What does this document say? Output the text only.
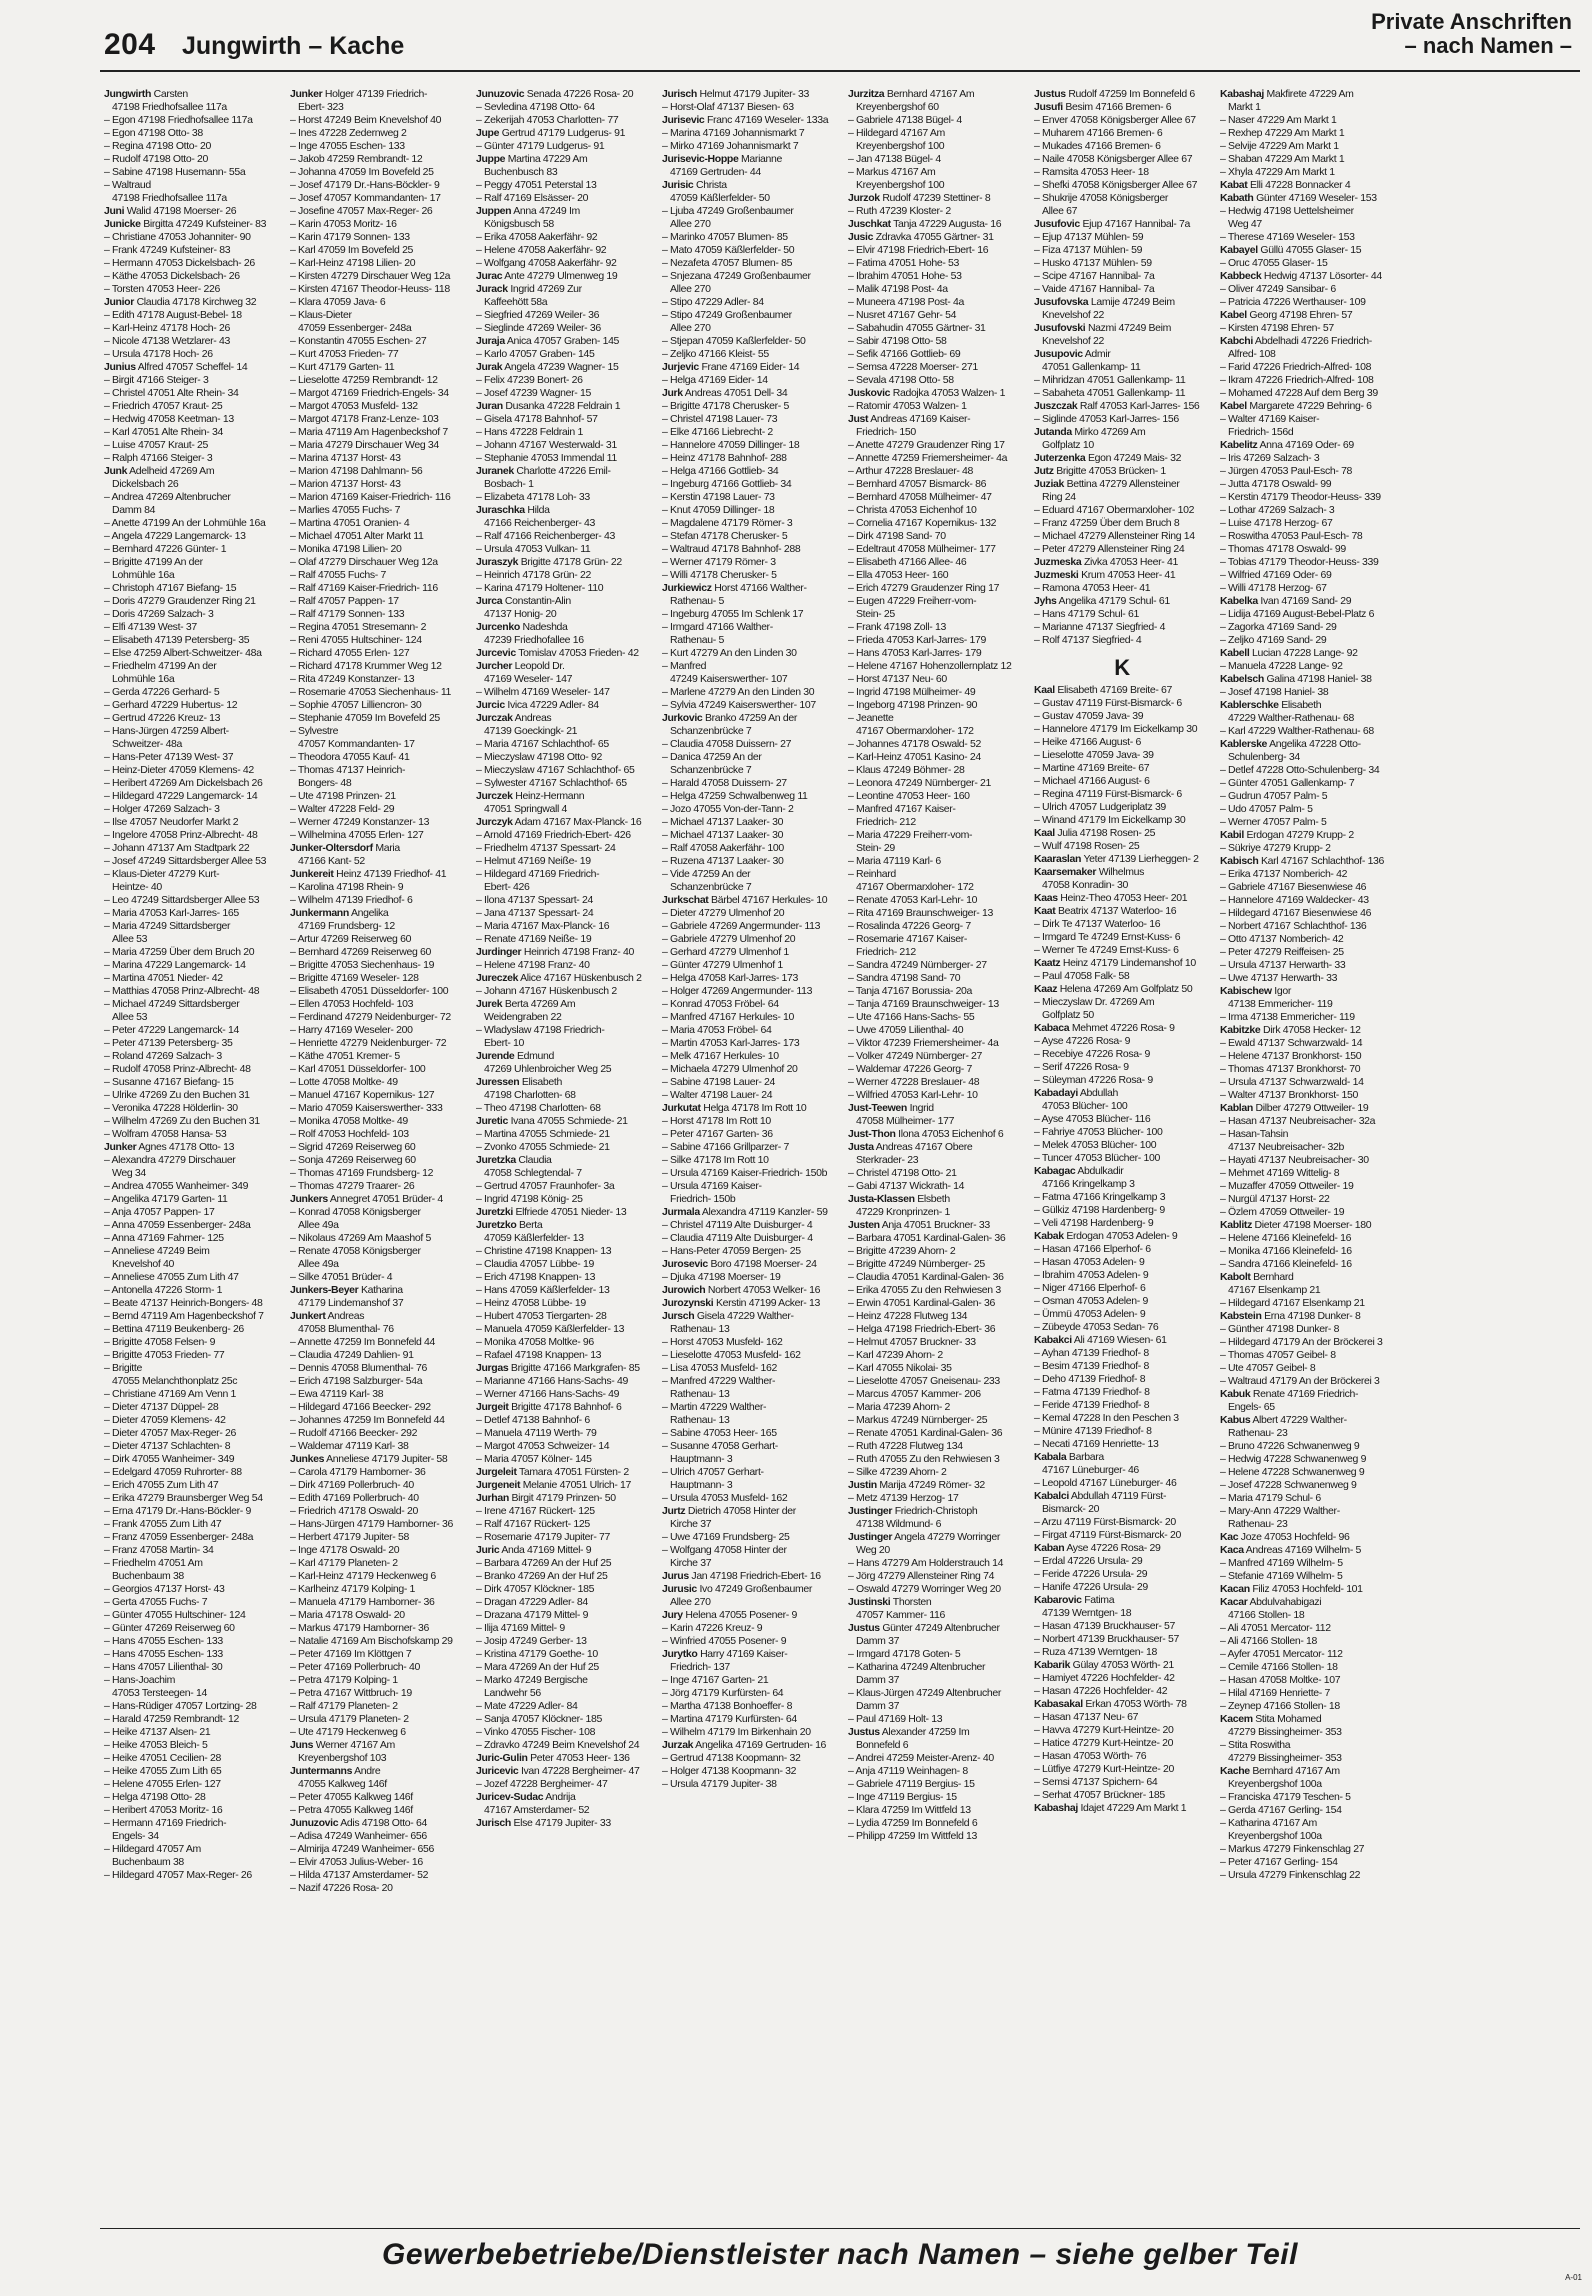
204 Jungwirth – Kache
Private Anschriften
– nach Namen –
Jungwirth Carsten
47198 Friedhofsallee 117a
– Egon 47198 Friedhofsallee 117a
– Egon 47198 Otto- 38
– Regina 47198 Otto- 20
– Rudolf 47198 Otto- 20
– Sabine 47198 Husemann- 55a
– Waltraud
47198 Friedhofsallee 117a
Juni Walid 47198 Moerser- 26
Junicke Birgitta 47249 Kufsteiner- 83
– Christiane 47053 Johanniter- 90
– Frank 47249 Kufsteiner- 83
– Hermann 47053 Dickelsbach- 26
– Käthe 47053 Dickelsbach- 26
– Torsten 47053 Heer- 226
Junior Claudia 47178 Kirchweg 32
– Edith 47178 August-Bebel- 18
– Karl-Heinz 47178 Hoch- 26
– Nicole 47138 Wetzlarer- 43
– Ursula 47178 Hoch- 26
Junius Alfred 47057 Scheffel- 14
– Birgit 47166 Steiger- 3
– Christel 47051 Alte Rhein- 34
– Friedrich 47057 Kraut- 25
– Hedwig 47058 Keetman- 13
– Karl 47051 Alte Rhein- 34
– Luise 47057 Kraut- 25
– Ralph 47166 Steiger- 3
Junk Adelheid 47269 Am
Dickelsbach 26
– Andrea 47269 Altenbrucher
Damm 84
– Anette 47199 An der Lohmühle 16a
– Angela 47229 Langemarck- 13
– Bernhard 47226 Günter- 1
– Brigitte 47199 An der
Lohmühle 16a
– Christoph 47167 Biefang- 15
– Doris 47279 Graudenzer Ring 21
– Doris 47269 Salzach- 3
– Elfi 47139 West- 37
– Elisabeth 47139 Petersberg- 35
– Else 47259 Albert-Schweitzer- 48a
– Friedhelm 47199 An der
Lohmühle 16a
– Gerda 47226 Gerhard- 5
– Gerhard 47229 Hubertus- 12
– Gertrud 47226 Kreuz- 13
– Hans-Jürgen 47259 Albert-
Schweitzer- 48a
– Hans-Peter 47139 West- 37
– Heinz-Dieter 47059 Klemens- 42
– Heribert 47269 Am Dickelsbach 26
– Hildegard 47229 Langemarck- 14
– Holger 47269 Salzach- 3
– Ilse 47057 Neudorfer Markt 2
– Ingelore 47058 Prinz-Albrecht- 48
– Johann 47137 Am Stadtpark 22
– Josef 47249 Sittardsberger Allee 53
– Klaus-Dieter 47279 Kurt-
Heintze- 40
– Leo 47249 Sittardsberger Allee 53
– Maria 47053 Karl-Jarres- 165
– Maria 47249 Sittardsberger
Allee 53
– Maria 47259 Über dem Bruch 20
– Marina 47229 Langemarck- 14
– Martina 47051 Nieder- 42
– Matthias 47058 Prinz-Albrecht- 48
– Michael 47249 Sittardsberger
Allee 53
– Peter 47229 Langemarck- 14
– Peter 47139 Petersberg- 35
– Roland 47269 Salzach- 3
– Rudolf 47058 Prinz-Albrecht- 48
– Susanne 47167 Biefang- 15
– Ulrike 47269 Zu den Buchen 31
– Veronika 47228 Hölderlin- 30
– Wilhelm 47269 Zu den Buchen 31
– Wolfram 47058 Hansa- 53
Junker Agnes 47178 Otto- 13
– Alexandra 47279 Dirschauer
Weg 34
– Andrea 47055 Wanheimer- 349
– Angelika 47179 Garten- 11
– Anja 47057 Pappen- 17
– Anna 47059 Essenberger- 248a
– Anna 47169 Fahrner- 125
– Anneliese 47249 Beim
Knevelshof 40
– Anneliese 47055 Zum Lith 47
– Antonella 47226 Storm- 1
– Beate 47137 Heinrich-Bongers- 48
– Bernd 47119 Am Hagenbeckshof 7
– Bettina 47119 Beukenberg- 26
– Brigitte 47058 Felsen- 9
– Brigitte 47053 Frieden- 77
– Brigitte
47055 Melanchthonplatz 25c
– Christiane 47169 Am Venn 1
– Dieter 47137 Düppel- 28
– Dieter 47059 Klemens- 42
– Dieter 47057 Max-Reger- 26
– Dieter 47137 Schlachten- 8
– Dirk 47055 Wanheimer- 349
– Edelgard 47059 Ruhrorter- 88
– Erich 47055 Zum Lith 47
– Erika 47279 Braunsberger Weg 54
– Erna 47179 Dr.-Hans-Böckler- 9
– Frank 47055 Zum Lith 47
– Franz 47059 Essenberger- 248a
– Franz 47058 Martin- 34
– Friedhelm 47051 Am
Buchenbaum 38
– Georgios 47137 Horst- 43
– Gerta 47055 Fuchs- 7
– Günter 47055 Hultschiner- 124
– Günter 47269 Reiserweg 60
– Hans 47055 Eschen- 133
– Hans 47055 Eschen- 133
– Hans 47057 Lilienthal- 30
– Hans-Joachim
47053 Tersteegen- 14
– Hans-Rüdiger 47057 Lortzing- 28
– Harald 47259 Rembrandt- 12
– Heike 47137 Alsen- 21
– Heike 47053 Bleich- 5
– Heike 47051 Cecilien- 28
– Heike 47055 Zum Lith 65
– Helene 47055 Erlen- 127
– Helga 47198 Otto- 28
– Heribert 47053 Moritz- 16
– Hermann 47169 Friedrich-
Engels- 34
– Hildegard 47057 Am
Buchenbaum 38
– Hildegard 47057 Max-Reger- 26
Junker Holger 47139 Friedrich-
Ebert- 323
– Horst 47249 Beim Knevelshof 40
– Ines 47228 Zedernweg 2
– Inge 47055 Eschen- 133
– Jakob 47259 Rembrandt- 12
– Johanna 47059 Im Bovefeld 25
– Josef 47179 Dr.-Hans-Böckler- 9
– Josef 47057 Kommandanten- 17
– Josefine 47057 Max-Reger- 26
– Karin 47053 Moritz- 16
– Karin 47179 Sonnen- 133
– Karl 47059 Im Bovefeld 25
– Karl-Heinz 47198 Lilien- 20
– Kirsten 47279 Dirschauer Weg 12a
– Kirsten 47167 Theodor-Heuss- 118
– Klara 47059 Java- 6
– Klaus-Dieter
47059 Essenberger- 248a
– Konstantin 47055 Eschen- 27
– Kurt 47053 Frieden- 77
– Kurt 47179 Garten- 11
– Lieselotte 47259 Rembrandt- 12
– Margot 47169 Friedrich-Engels- 34
– Margot 47053 Musfeld- 132
– Margot 47178 Franz-Lenze- 103
– Maria 47119 Am Hagenbeckshof 7
– Maria 47279 Dirschauer Weg 34
– Marina 47137 Horst- 43
– Marion 47198 Dahlmann- 56
– Marion 47137 Horst- 43
– Marion 47169 Kaiser-Friedrich- 116
– Marlies 47055 Fuchs- 7
– Martina 47051 Oranien- 4
– Michael 47051 Alter Markt 11
– Monika 47198 Lilien- 20
– Olaf 47279 Dirschauer Weg 12a
– Ralf 47055 Fuchs- 7
– Ralf 47169 Kaiser-Friedrich- 116
– Ralf 47057 Pappen- 17
– Ralf 47179 Sonnen- 133
– Regina 47051 Stresemann- 2
– Reni 47055 Hultschiner- 124
– Richard 47055 Erlen- 127
– Richard 47178 Krummer Weg 12
– Rita 47249 Konstanzer- 13
– Rosemarie 47053 Siechenhaus- 11
– Sophie 47057 Lilliencron- 30
– Stephanie 47059 Im Bovefeld 25
– Sylvestre
47057 Kommandanten- 17
– Theodora 47055 Kauf- 41
– Thomas 47137 Heinrich-
Bongers- 48
– Ute 47198 Prinzen- 21
– Walter 47228 Feld- 29
– Werner 47249 Konstanzer- 13
– Wilhelmina 47055 Erlen- 127
Junker-Oltersdorf Maria
47166 Kant- 52
Junkereit Heinz 47139 Friedhof- 41
– Karolina 47198 Rhein- 9
– Wilhelm 47139 Friedhof- 6
Junkermann Angelika
47169 Frundsberg- 12
– Artur 47269 Reiserweg 60
– Bernhard 47269 Reiserweg 60
– Brigitte 47053 Siechenhaus- 19
– Brigitte 47169 Weseler- 128
– Elisabeth 47051 Düsseldorfer- 100
– Ellen 47053 Hochfeld- 103
– Ferdinand 47279 Neidenburger- 72
– Harry 47169 Weseler- 200
– Henriette 47279 Neidenburger- 72
– Käthe 47051 Kremer- 5
– Karl 47051 Düsseldorfer- 100
– Lotte 47058 Moltke- 49
– Manuel 47167 Kopernikus- 127
– Mario 47059 Kaiserswerther- 333
– Monika 47058 Moltke- 49
– Rolf 47053 Hochfeld- 103
– Sigrid 47269 Reiserweg 60
– Sonja 47269 Reiserweg 60
– Thomas 47169 Frundsberg- 12
– Thomas 47279 Traarer- 26
Junkers Annegret 47051 Brüder- 4
– Konrad 47058 Königsberger
Allee 49a
– Nikolaus 47269 Am Maashof 5
– Renate 47058 Königsberger
Allee 49a
– Silke 47051 Brüder- 4
Junkers-Beyer Katharina
47179 Lindemanshof 37
Junkert Andreas
47058 Blumenthal- 76
– Annette 47259 Im Bonnefeld 44
– Claudia 47249 Dahlien- 91
– Dennis 47058 Blumenthal- 76
– Erich 47198 Salzburger- 54a
– Ewa 47119 Karl- 38
– Hildegard 47166 Beecker- 292
– Johannes 47259 Im Bonnefeld 44
– Rudolf 47166 Beecker- 292
– Waldemar 47119 Karl- 38
Junkes Anneliese 47179 Jupiter- 58
– Carola 47179 Hamborner- 36
– Dirk 47169 Pollerbruch- 40
– Edith 47169 Pollerbruch- 40
– Friedrich 47178 Oswald- 20
– Hans-Jürgen 47179 Hamborner- 36
– Herbert 47179 Jupiter- 58
– Inge 47178 Oswald- 20
– Karl 47179 Planeten- 2
– Karl-Heinz 47179 Heckenweg 6
– Karlheinz 47179 Kolping- 1
– Manuela 47179 Hamborner- 36
– Maria 47178 Oswald- 20
– Markus 47179 Hamborner- 36
– Natalie 47169 Am Bischofskamp 29
– Peter 47169 Im Klöttgen 7
– Peter 47169 Pollerbruch- 40
– Petra 47179 Kolping- 1
– Petra 47167 Wittbruch- 19
– Ralf 47179 Planeten- 2
– Ursula 47179 Planeten- 2
– Ute 47179 Heckenweg 6
Juns Werner 47167 Am
Kreyenbergshof 103
Juntermanns Andre
47055 Kalkweg 146f
– Peter 47055 Kalkweg 146f
– Petra 47055 Kalkweg 146f
Junuzovic Adis 47198 Otto- 64
– Adisa 47249 Wanheimer- 656
– Almirija 47249 Wanheimer- 656
– Elvir 47053 Julius-Weber- 16
– Hilda 47137 Amsterdamer- 52
– Nazif 47226 Rosa- 20
Junuzovic Senada 47226 Rosa- 20
– Sevledina 47198 Otto- 64
– Zekerijah 47053 Charlotten- 77
Jupe Gertrud 47179 Ludgerus- 91
– Günter 47179 Ludgerus- 91
Juppe Martina 47229 Am
Buchenbusch 83
– Peggy 47051 Peterstal 13
– Ralf 47169 Elsässer- 20
Juppen Anna 47249 Im
Königsbusch 58
– Erika 47058 Aakerfähr- 92
– Helene 47058 Aakerfähr- 92
– Wolfgang 47058 Aakerfähr- 92
Jurac Ante 47279 Ulmenweg 19
Jurack Ingrid 47269 Zur
Kaffeehött 58a
– Siegfried 47269 Weiler- 36
– Sieglinde 47269 Weiler- 36
Juraja Anica 47057 Graben- 145
– Karlo 47057 Graben- 145
Jurak Angela 47239 Wagner- 15
– Felix 47239 Bonert- 26
– Josef 47239 Wagner- 15
Juran Dusanka 47228 Feldrain 1
– Gisela 47178 Bahnhof- 57
– Hans 47228 Feldrain 1
– Johann 47167 Westerwald- 31
– Stephanie 47053 Immendal 11
Juranek Charlotte 47226 Emil-
Bosbach- 1
– Elizabeta 47178 Loh- 33
Juraschka Hilda
47166 Reichenberger- 43
– Ralf 47166 Reichenberger- 43
– Ursula 47053 Vulkan- 11
Juraszyk Brigitte 47178 Grün- 22
– Heinrich 47178 Grün- 22
– Karina 47179 Holtener- 110
Jurca Constantin-Alin
47137 Honig- 20
Jurcenko Nadeshda
47239 Friedhofallee 16
Jurcevic Tomislav 47053 Frieden- 42
Jurcher Leopold Dr.
47169 Weseler- 147
– Wilhelm 47169 Weseler- 147
Jurcic Ivica 47229 Adler- 84
Jurczak Andreas
47139 Goeckingk- 21
– Maria 47167 Schlachthof- 65
– Mieczyslaw 47198 Otto- 92
– Mieczyslaw 47167 Schlachthof- 65
– Sylwester 47167 Schlachthof- 65
Jurczek Heinz-Hermann
47051 Springwall 4
Jurczyk Adam 47167 Max-Planck- 16
– Arnold 47169 Friedrich-Ebert- 426
– Friedhelm 47137 Spessart- 24
– Helmut 47169 Neiße- 19
– Hildegard 47169 Friedrich-
Ebert- 426
– Ilona 47137 Spessart- 24
– Jana 47137 Spessart- 24
– Maria 47167 Max-Planck- 16
– Renate 47169 Neiße- 19
Jurdinger Heinrich 47198 Franz- 40
– Helene 47198 Franz- 40
Jureczek Alice 47167 Hüskenbusch 2
– Johann 47167 Hüskenbusch 2
Jurek Berta 47269 Am
Weidengraben 22
– Wladyslaw 47198 Friedrich-
Ebert- 10
Jurende Edmund
47269 Uhlenbroicher Weg 25
Juressen Elisabeth
47198 Charlotten- 68
– Theo 47198 Charlotten- 68
Juretic Ivana 47055 Schmiede- 21
– Martina 47055 Schmiede- 21
– Zvonko 47055 Schmiede- 21
Juretzka Claudia
47058 Schlegtendal- 7
– Gertrud 47057 Fraunhofer- 3a
– Ingrid 47198 König- 25
Juretzki Elfriede 47051 Nieder- 13
Juretzko Berta
47059 Käßlerfelder- 13
– Christine 47198 Knappen- 13
– Claudia 47057 Lübbe- 19
– Erich 47198 Knappen- 13
– Hans 47059 Käßlerfelder- 13
– Heinz 47058 Lübbe- 19
– Hubert 47053 Tiergarten- 28
– Manuela 47059 Käßlerfelder- 13
– Monika 47058 Moltke- 96
– Rafael 47198 Knappen- 13
Jurgas Brigitte 47166 Markgrafen- 85
– Marianne 47166 Hans-Sachs- 49
– Werner 47166 Hans-Sachs- 49
Jurgeit Brigitte 47178 Bahnhof- 6
– Detlef 47138 Bahnhof- 6
– Manuela 47119 Werth- 79
– Margot 47053 Schweizer- 14
– Maria 47057 Kölner- 145
Jurgeleit Tamara 47051 Fürsten- 2
Jurgeneit Melanie 47051 Ulrich- 17
Jurhan Birgit 47179 Prinzen- 50
– Irene 47167 Rückert- 125
– Ralf 47167 Rückert- 125
– Rosemarie 47179 Jupiter- 77
Juric Anda 47169 Mittel- 9
– Barbara 47269 An der Huf 25
– Branko 47269 An der Huf 25
– Dirk 47057 Klöckner- 185
– Dragan 47229 Adler- 84
– Drazana 47179 Mittel- 9
– Ilija 47169 Mittel- 9
– Josip 47249 Gerber- 13
– Kristina 47179 Goethe- 10
– Mara 47269 An der Huf 25
– Marko 47249 Bergische
Landwehr 56
– Mate 47229 Adler- 84
– Sanja 47057 Klöckner- 185
– Vinko 47055 Fischer- 108
– Zdravko 47249 Beim Knevelshof 24
Juric-Gulin Peter 47053 Heer- 136
Juricevic Ivan 47228 Bergheimer- 47
– Jozef 47228 Bergheimer- 47
Juricev-Sudac Andrija
47167 Amsterdamer- 52
Jurisch Else 47179 Jupiter- 33
Jurisch Helmut 47179 Jupiter- 33
– Horst-Olaf 47137 Biesen- 63
Jurisevic Franc 47169 Weseler- 133a
– Marina 47169 Johannismarkt 7
– Mirko 47169 Johannismarkt 7
Jurisevic-Hoppe Marianne
47169 Gertruden- 44
Jurisic Christa
47059 Käßlerfelder- 50
– Ljuba 47249 Großenbaumer
Allee 270
– Marinko 47057 Blumen- 85
– Mato 47059 Käßlerfelder- 50
– Nezafeta 47057 Blumen- 85
– Snjezana 47249 Großenbaumer
Allee 270
– Stipo 47229 Adler- 84
– Stipo 47249 Großenbaumer
Allee 270
– Stjepan 47059 Kaßlerfelder- 50
– Zeljko 47166 Kleist- 55
Jurjevic Frane 47169 Eider- 14
– Helga 47169 Eider- 14
Jurk Andreas 47051 Dell- 34
– Brigitte 47178 Cherusker- 5
– Christel 47198 Lauer- 73
– Elke 47166 Liebrecht- 2
– Hannelore 47059 Dillinger- 18
– Heinz 47178 Bahnhof- 288
– Helga 47166 Gottlieb- 34
– Ingeburg 47166 Gottlieb- 34
– Kerstin 47198 Lauer- 73
– Knut 47059 Dillinger- 18
– Magdalene 47179 Römer- 3
– Stefan 47178 Cherusker- 5
– Waltraud 47178 Bahnhof- 288
– Werner 47179 Römer- 3
– Willi 47178 Cherusker- 5
Jurkiewicz Horst 47166 Walther-
Rathenau- 5
– Ingeburg 47055 Im Schlenk 17
– Irmgard 47166 Walther-
Rathenau- 5
– Kurt 47279 An den Linden 30
– Manfred
47249 Kaiserswerther- 107
– Marlene 47279 An den Linden 30
– Sylvia 47249 Kaiserswerther- 107
Jurkovic Branko 47259 An der
Schanzenbrücke 7
– Claudia 47058 Duissern- 27
– Danica 47259 An der
Schanzenbrücke 7
– Harald 47058 Duissern- 27
– Helga 47259 Schwalbenweg 11
– Jozo 47055 Von-der-Tann- 2
– Michael 47137 Laaker- 30
– Michael 47137 Laaker- 30
– Ralf 47058 Aakerfähr- 100
– Ruzena 47137 Laaker- 30
– Vide 47259 An der
Schanzenbrücke 7
Jurkschat Bärbel 47167 Herkules- 10
– Dieter 47279 Ulmenhof 20
– Gabriele 47269 Angermunder- 113
– Gabriele 47279 Ulmenhof 20
– Gerhard 47279 Ulmenhof 1
– Günter 47279 Ulmenhof 1
– Helga 47058 Karl-Jarres- 173
– Holger 47269 Angermunder- 113
– Konrad 47053 Fröbel- 64
– Manfred 47167 Herkules- 10
– Maria 47053 Fröbel- 64
– Martin 47053 Karl-Jarres- 173
– Melk 47167 Herkules- 10
– Michaela 47279 Ulmenhof 20
– Sabine 47198 Lauer- 24
– Walter 47198 Lauer- 24
Jurkutat Helga 47178 Im Rott 10
– Horst 47178 Im Rott 10
– Peter 47167 Garten- 36
– Sabine 47166 Grillparzer- 7
– Silke 47178 Im Rott 10
– Ursula 47169 Kaiser-Friedrich- 150b
– Ursula 47169 Kaiser-
Friedrich- 150b
Jurmala Alexandra 47119 Kanzler- 59
– Christel 47119 Alte Duisburger- 4
– Claudia 47119 Alte Duisburger- 4
– Hans-Peter 47059 Bergen- 25
Jurosevic Boro 47198 Moerser- 24
– Djuka 47198 Moerser- 19
Jurowich Norbert 47053 Welker- 16
Jurozynski Kerstin 47199 Acker- 13
Jursch Gisela 47229 Walther-
Rathenau- 13
– Horst 47053 Musfeld- 162
– Lieselotte 47053 Musfeld- 162
– Lisa 47053 Musfeld- 162
– Manfred 47229 Walther-
Rathenau- 13
– Martin 47229 Walther-
Rathenau- 13
– Sabine 47053 Heer- 165
– Susanne 47058 Gerhart-
Hauptmann- 3
– Ulrich 47057 Gerhart-
Hauptmann- 3
– Ursula 47053 Musfeld- 162
Jurtz Dietrich 47058 Hinter der
Kirche 37
– Uwe 47169 Frundsberg- 25
– Wolfgang 47058 Hinter der
Kirche 37
Jurus Jan 47198 Friedrich-Ebert- 16
Jurusic Ivo 47249 Großenbaumer
Allee 270
Jury Helena 47055 Posener- 9
– Karin 47226 Kreuz- 9
– Winfried 47055 Posener- 9
Jurytko Harry 47169 Kaiser-
Friedrich- 137
– Inge 47167 Garten- 21
– Jörg 47179 Kurfürsten- 64
– Martha 47138 Bonhoeffer- 8
– Martina 47179 Kurfürsten- 64
– Wilhelm 47179 Im Birkenhain 20
Jurzak Angelika 47169 Gertruden- 16
– Gertrud 47138 Koopmann- 32
– Holger 47138 Koopmann- 32
– Ursula 47179 Jupiter- 38
Jurzitza Bernhard 47167 Am
Kreyenbergshof 60
– Gabriele 47138 Bügel- 4
– Hildegard 47167 Am
Kreyenbergshof 100
– Jan 47138 Bügel- 4
– Markus 47167 Am
Kreyenbergshof 100
Jurzok Rudolf 47239 Stettiner- 8
– Ruth 47239 Kloster- 2
Juschkat Tanja 47229 Augusta- 16
Jusic Zdravka 47055 Gärtner- 31
– Elvir 47198 Friedrich-Ebert- 16
– Fatima 47051 Hohe- 53
– Ibrahim 47051 Hohe- 53
– Malik 47198 Post- 4a
– Muneera 47198 Post- 4a
– Nusret 47167 Gehr- 54
– Sabahudin 47055 Gärtner- 31
– Sabir 47198 Otto- 58
– Sefik 47166 Gottlieb- 69
– Semsa 47228 Moerser- 271
– Sevala 47198 Otto- 58
Juskovic Radojka 47053 Walzen- 1
– Ratomir 47053 Walzen- 1
Just Andreas 47169 Kaiser-
Friedrich- 150
– Anette 47279 Graudenzer Ring 17
– Annette 47259 Friemersheimer- 4a
– Arthur 47228 Breslauer- 48
– Bernhard 47057 Bismarck- 86
– Bernhard 47058 Mülheimer- 47
– Christa 47053 Eichenhof 10
– Cornelia 47167 Kopernikus- 132
– Dirk 47198 Sand- 70
– Edeltraut 47058 Mülheimer- 177
– Elisabeth 47166 Allee- 46
– Ella 47053 Heer- 160
– Erich 47279 Graudenzer Ring 17
– Eugen 47229 Freiherr-vom-
Stein- 25
– Frank 47198 Zoll- 13
– Frieda 47053 Karl-Jarres- 179
– Hans 47053 Karl-Jarres- 179
– Helene 47167 Hohenzollernplatz 12
– Horst 47137 Neu- 60
– Ingrid 47198 Mülheimer- 49
– Ingeborg 47198 Prinzen- 90
– Jeanette
47167 Obermarxloher- 172
– Johannes 47178 Oswald- 52
– Karl-Heinz 47051 Kasino- 24
– Klaus 47249 Böhmer- 28
– Leonora 47249 Nürnberger- 21
– Leontine 47053 Heer- 160
– Manfred 47167 Kaiser-
Friedrich- 212
– Maria 47229 Freiherr-vom-
Stein- 29
– Maria 47119 Karl- 6
– Reinhard
47167 Obermarxloher- 172
– Renate 47053 Karl-Lehr- 10
– Rita 47169 Braunschweiger- 13
– Rosalinda 47226 Georg- 7
– Rosemarie 47167 Kaiser-
Friedrich- 212
– Sandra 47249 Nürnberger- 27
– Sandra 47198 Sand- 70
– Tanja 47167 Borussia- 20a
– Tanja 47169 Braunschweiger- 13
– Ute 47166 Hans-Sachs- 55
– Uwe 47059 Lilienthal- 40
– Viktor 47239 Friemersheimer- 4a
– Volker 47249 Nürnberger- 27
– Waldemar 47226 Georg- 7
– Werner 47228 Breslauer- 48
– Wilfried 47053 Karl-Lehr- 10
Just-Teewen Ingrid
47058 Mülheimer- 177
Just-Thon Ilona 47053 Eichenhof 6
Justa Andreas 47167 Obere
Sterkrader- 23
– Christel 47198 Otto- 21
– Gabi 47137 Wickrath- 14
Justa-Klassen Elsbeth
47229 Kronprinzen- 1
Justen Anja 47051 Bruckner- 33
– Barbara 47051 Kardinal-Galen- 36
– Brigitte 47239 Ahorn- 2
– Brigitte 47249 Nürnberger- 25
– Claudia 47051 Kardinal-Galen- 36
– Erika 47055 Zu den Rehwiesen 3
– Erwin 47051 Kardinal-Galen- 36
– Heinz 47228 Flutweg 134
– Helga 47198 Friedrich-Ebert- 36
– Helmut 47057 Bruckner- 33
– Karl 47239 Ahorn- 2
– Karl 47055 Nikolai- 35
– Lieselotte 47057 Gneisenau- 233
– Marcus 47057 Kammer- 206
– Maria 47239 Ahorn- 2
– Markus 47249 Nürnberger- 25
– Renate 47051 Kardinal-Galen- 36
– Ruth 47228 Flutweg 134
– Ruth 47055 Zu den Rehwiesen 3
– Silke 47239 Ahorn- 2
Justin Marija 47249 Römer- 32
– Metz 47139 Herzog- 17
Justinger Friedrich-Christoph
47138 Wildmund- 6
Justinger Angela 47279 Worringer
Weg 20
– Hans 47279 Am Holderstrauch 14
– Jörg 47279 Allensteiner Ring 74
– Oswald 47279 Worringer Weg 20
Justinski Thorsten
47057 Kammer- 116
Justus Günter 47249 Altenbrucher
Damm 37
– Irmgard 47178 Goten- 5
– Katharina 47249 Altenbrucher
Damm 37
– Klaus-Jürgen 47249 Altenbrucher
Damm 37
– Paul 47169 Holt- 13
Justus Alexander 47259 Im
Bonnefeld 6
– Andrei 47259 Meister-Arenz- 40
– Anja 47119 Weinhagen- 8
– Gabriele 47119 Bergius- 15
– Inge 47119 Bergius- 15
– Klara 47259 Im Wittfeld 13
– Lydia 47259 Im Bonnefeld 6
– Philipp 47259 Im Wittfeld 13
Justus Rudolf 47259 Im Bonnefeld 6
Jusufi Besim 47166 Bremen- 6
– Enver 47058 Königsberger Allee 67
– Muharem 47166 Bremen- 6
– Mukades 47166 Bremen- 6
– Naile 47058 Königsberger Allee 67
– Ramsita 47053 Heer- 18
– Shefki 47058 Königsberger Allee 67
– Shukrije 47058 Königsberger
Allee 67
Jusufovic Ejup 47167 Hannibal- 7a
– Ejup 47137 Mühlen- 59
– Fiza 47137 Mühlen- 59
– Husko 47137 Mühlen- 59
– Scipe 47167 Hannibal- 7a
– Vaide 47167 Hannibal- 7a
Jusufovska Lamije 47249 Beim
Knevelshof 22
Jusufovski Nazmi 47249 Beim
Knevelshof 22
Jusupovic Admir
47051 Gallenkamp- 11
– Mihridzan 47051 Gallenkamp- 11
– Sabaheta 47051 Gallenkamp- 11
Juszczak Ralf 47053 Karl-Jarres- 156
– Siglinde 47053 Karl-Jarres- 156
Jutanda Mirko 47269 Am
Golfplatz 10
Juterzenka Egon 47249 Mais- 32
Jutz Brigitte 47053 Brücken- 1
Juziak Bettina 47279 Allensteiner
Ring 24
– Eduard 47167 Obermarxloher- 102
– Franz 47259 Über dem Bruch 8
– Michael 47279 Allensteiner Ring 14
– Peter 47279 Allensteiner Ring 24
Juzmeska Zivka 47053 Heer- 41
Juzmeski Krum 47053 Heer- 41
– Ramona 47053 Heer- 41
Jyhs Angelika 47179 Schul- 61
– Hans 47179 Schul- 61
– Marianne 47137 Siegfried- 4
– Rolf 47137 Siegfried- 4
K
Kaal Elisabeth 47169 Breite- 67
– Gustav 47119 Fürst-Bismarck- 6
– Gustav 47059 Java- 39
– Hannelore 47179 Im Eickelkamp 30
– Heike 47166 August- 6
– Lieselotte 47059 Java- 39
– Martine 47169 Breite- 67
– Michael 47166 August- 6
– Regina 47119 Fürst-Bismarck- 6
– Ulrich 47057 Ludgeriplatz 39
– Winand 47179 Im Eickelkamp 30
Kaal Julia 47198 Rosen- 25
– Wulf 47198 Rosen- 25
Kaaraslan Yeter 47139 Lierheggen- 2
Kaarsemaker Wilhelmus
47058 Konradin- 30
Kaas Heinz-Theo 47053 Heer- 201
Kaat Beatrix 47137 Waterloo- 16
– Dirk Te 47137 Waterloo- 16
– Irmgard Te 47249 Ernst-Kuss- 6
– Werner Te 47249 Ernst-Kuss- 6
Kaatz Heinz 47179 Lindemanshof 10
– Paul 47058 Falk- 58
Kaaz Helena 47269 Am Golfplatz 50
– Mieczyslaw Dr. 47269 Am
Golfplatz 50
Kabaca Mehmet 47226 Rosa- 9
– Ayse 47226 Rosa- 9
– Recebiye 47226 Rosa- 9
– Serif 47226 Rosa- 9
– Süleyman 47226 Rosa- 9
Kabadayi Abdullah
47053 Blücher- 100
– Ayse 47053 Blücher- 116
– Fahriye 47053 Blücher- 100
– Melek 47053 Blücher- 100
– Tuncer 47053 Blücher- 100
Kabagac Abdulkadir
47166 Kringelkamp 3
– Fatma 47166 Kringelkamp 3
– Gülkiz 47198 Hardenberg- 9
– Veli 47198 Hardenberg- 9
Kabak Erdogan 47053 Adelen- 9
– Hasan 47166 Elperhof- 6
– Hasan 47053 Adelen- 9
– Ibrahim 47053 Adelen- 9
– Niger 47166 Elperhof- 6
– Osman 47053 Adelen- 9
– Ümmü 47053 Adelen- 9
– Zübeyde 47053 Sedan- 76
Kabakci Ali 47169 Wiesen- 61
– Ayhan 47139 Friedhof- 8
– Besim 47139 Friedhof- 8
– Deho 47139 Friedhof- 8
– Fatma 47139 Friedhof- 8
– Feride 47139 Friedhof- 8
– Kemal 47228 In den Peschen 3
– Münire 47139 Friedhof- 8
– Necati 47169 Henriette- 13
Kabala Barbara
47167 Lüneburger- 46
– Leopold 47167 Lüneburger- 46
Kabalci Abdullah 47119 Fürst-
Bismarck- 20
– Arzu 47119 Fürst-Bismarck- 20
– Firgat 47119 Fürst-Bismarck- 20
Kaban Ayse 47226 Rosa- 29
– Erdal 47226 Ursula- 29
– Feride 47226 Ursula- 29
– Hanife 47226 Ursula- 29
Kabarovic Fatima
47139 Werntgen- 18
– Hasan 47139 Bruckhauser- 57
– Norbert 47139 Bruckhauser- 57
– Ruza 47139 Werntgen- 18
Kabarik Gülay 47053 Wörth- 21
– Hamiyet 47226 Hochfelder- 42
– Hasan 47226 Hochfelder- 42
Kabasakal Erkan 47053 Wörth- 78
– Hasan 47137 Neu- 67
– Havva 47279 Kurt-Heintze- 20
– Hatice 47279 Kurt-Heintze- 20
– Hasan 47053 Wörth- 76
– Lütfiye 47279 Kurt-Heintze- 20
– Semsi 47137 Spichern- 64
– Serhat 47057 Brückner- 185
Kabashaj Idajet 47229 Am Markt 1
Kabashaj Makfirete 47229 Am
Markt 1
– Naser 47229 Am Markt 1
– Rexhep 47229 Am Markt 1
– Selvije 47229 Am Markt 1
– Shaban 47229 Am Markt 1
– Xhyla 47229 Am Markt 1
Kabat Elli 47228 Bonnacker 4
Kabath Günter 47169 Weseler- 153
– Hedwig 47198 Uettelsheimer
Weg 47
– Therese 47169 Weseler- 153
Kabayel Güllü 47055 Glaser- 15
– Oruc 47055 Glaser- 15
Kabbeck Hedwig 47137 Lösorter- 44
– Oliver 47249 Sansibar- 6
– Patricia 47226 Werthauser- 109
Kabel Georg 47198 Ehren- 57
– Kirsten 47198 Ehren- 57
Kabchi Abdelhadi 47226 Friedrich-
Alfred- 108
– Farid 47226 Friedrich-Alfred- 108
– Ikram 47226 Friedrich-Alfred- 108
– Mohamed 47228 Auf dem Berg 39
Kabel Margarete 47229 Behring- 6
– Walter 47169 Kaiser-
Friedrich- 156d
Kabelitz Anna 47169 Oder- 69
– Iris 47269 Salzach- 3
– Jürgen 47053 Paul-Esch- 78
– Jutta 47178 Oswald- 99
– Kerstin 47179 Theodor-Heuss- 339
– Lothar 47269 Salzach- 3
– Luise 47178 Herzog- 67
– Roswitha 47053 Paul-Esch- 78
– Thomas 47178 Oswald- 99
– Tobias 47179 Theodor-Heuss- 339
– Wilfried 47169 Oder- 69
– Willi 47178 Herzog- 67
Kabelka Ivan 47169 Sand- 29
– Lidija 47169 August-Bebel-Platz 6
– Zagorka 47169 Sand- 29
– Zeljko 47169 Sand- 29
Kabell Lucian 47228 Lange- 92
– Manuela 47228 Lange- 92
Kabelsch Galina 47198 Haniel- 38
– Josef 47198 Haniel- 38
Kablerschke Elisabeth
47229 Walther-Rathenau- 68
– Karl 47229 Walther-Rathenau- 68
Kablerske Angelika 47228 Otto-
Schulenberg- 34
– Detlef 47228 Otto-Schulenberg- 34
– Günter 47051 Gallenkamp- 7
– Gudrun 47057 Palm- 5
– Udo 47057 Palm- 5
– Werner 47057 Palm- 5
Kabil Erdogan 47279 Krupp- 2
– Sükriye 47279 Krupp- 2
Kabisch Karl 47167 Schlachthof- 136
– Erika 47137 Nomberich- 42
– Gabriele 47167 Biesenwiese 46
– Hannelore 47169 Waldecker- 43
– Hildegard 47167 Biesenwiese 46
– Norbert 47167 Schlachthof- 136
– Otto 47137 Nomberich- 42
– Peter 47279 Reiffeisen- 25
– Ursula 47137 Herwarth- 33
– Uwe 47137 Herwarth- 33
Kabischew Igor
47138 Emmericher- 119
– Irma 47138 Emmericher- 119
Kabitzke Dirk 47058 Hecker- 12
– Ewald 47137 Schwarzwald- 14
– Helene 47137 Bronkhorst- 150
– Thomas 47137 Bronkhorst- 70
– Ursula 47137 Schwarzwald- 14
– Walter 47137 Bronkhorst- 150
Kablan Dilber 47279 Ottweiler- 19
– Hasan 47137 Neubreisacher- 32a
– Hasan-Tahsin
47137 Neubreisacher- 32b
– Hayati 47137 Neubreisacher- 30
– Mehmet 47169 Wittelig- 8
– Muzaffer 47059 Ottweiler- 19
– Nurgül 47137 Horst- 22
– Özlem 47059 Ottweiler- 19
Kablitz Dieter 47198 Moerser- 180
– Helene 47166 Kleinefeld- 16
– Monika 47166 Kleinefeld- 16
– Sandra 47166 Kleinefeld- 16
Kabolt Bernhard
47167 Elsenkamp 21
– Hildegard 47167 Elsenkamp 21
Kabstein Erna 47198 Dunker- 8
– Günther 47198 Dunker- 8
– Hildegard 47179 An der Bröckerei 3
– Thomas 47057 Geibel- 8
– Ute 47057 Geibel- 8
– Waltraud 47179 An der Bröckerei 3
Kabuk Renate 47169 Friedrich-
Engels- 65
Kabus Albert 47229 Walther-
Rathenau- 23
– Bruno 47226 Schwanenweg 9
– Hedwig 47228 Schwanenweg 9
– Helene 47228 Schwanenweg 9
– Josef 47228 Schwanenweg 9
– Maria 47179 Schul- 6
– Mary-Ann 47229 Walther-
Rathenau- 23
Kac Joze 47053 Hochfeld- 96
Kaca Andreas 47169 Wilhelm- 5
– Manfred 47169 Wilhelm- 5
– Stefanie 47169 Wilhelm- 5
Kacan Filiz 47053 Hochfeld- 101
Kacar Abdulvahabigazi
47166 Stollen- 18
– Ali 47051 Mercator- 112
– Ali 47166 Stollen- 18
– Ayfer 47051 Mercator- 112
– Cemile 47166 Stollen- 18
– Hasan 47058 Moltke- 107
– Hilal 47169 Henriette- 7
– Zeynep 47166 Stollen- 18
Kacem Stita Mohamed
47279 Bissingheimer- 353
– Stita Roswitha
47279 Bissingheimer- 353
Kache Bernhard 47167 Am
Kreyenbergshof 100a
– Franciska 47179 Teschen- 5
– Gerda 47167 Gerling- 154
– Katharina 47167 Am
Kreyenbergshof 100a
– Markus 47279 Finkenschlag 27
– Peter 47167 Gerling- 154
– Ursula 47279 Finkenschlag 22
Gewerbebetriebe/Dienstleister nach Namen – siehe gelber Teil
A-01
